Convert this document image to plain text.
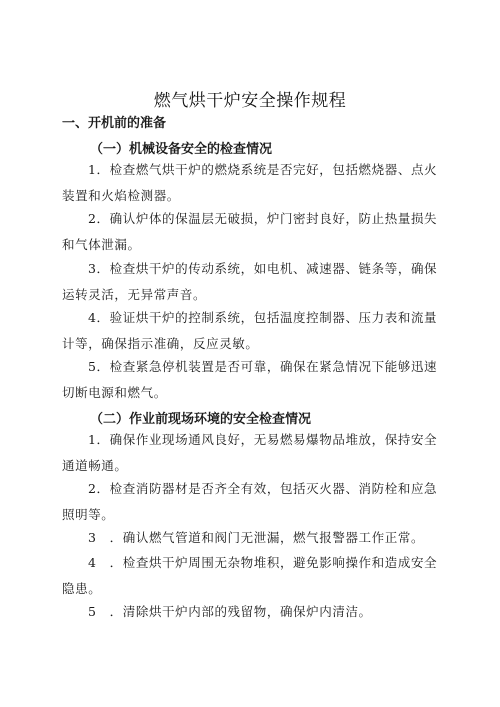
燃气烘干炉安全操作规程
一、开机前的准备
（一）机械设备安全的检查情况
1．检查燃气烘干炉的燃烧系统是否完好，包括燃烧器、点火装置和火焰检测器。
2．确认炉体的保温层无破损，炉门密封良好，防止热量损失和气体泄漏。
3．检查烘干炉的传动系统，如电机、减速器、链条等，确保运转灵活，无异常声音。
4．验证烘干炉的控制系统，包括温度控制器、压力表和流量计等，确保指示准确，反应灵敏。
5．检查紧急停机装置是否可靠，确保在紧急情况下能够迅速切断电源和燃气。
（二）作业前现场环境的安全检查情况
1．确保作业现场通风良好，无易燃易爆物品堆放，保持安全通道畅通。
2．检查消防器材是否齐全有效，包括灭火器、消防栓和应急照明等。
3　．确认燃气管道和阀门无泄漏，燃气报警器工作正常。
4　．检查烘干炉周围无杂物堆积，避免影响操作和造成安全隐患。
5　．清除烘干炉内部的残留物，确保炉内清洁。
